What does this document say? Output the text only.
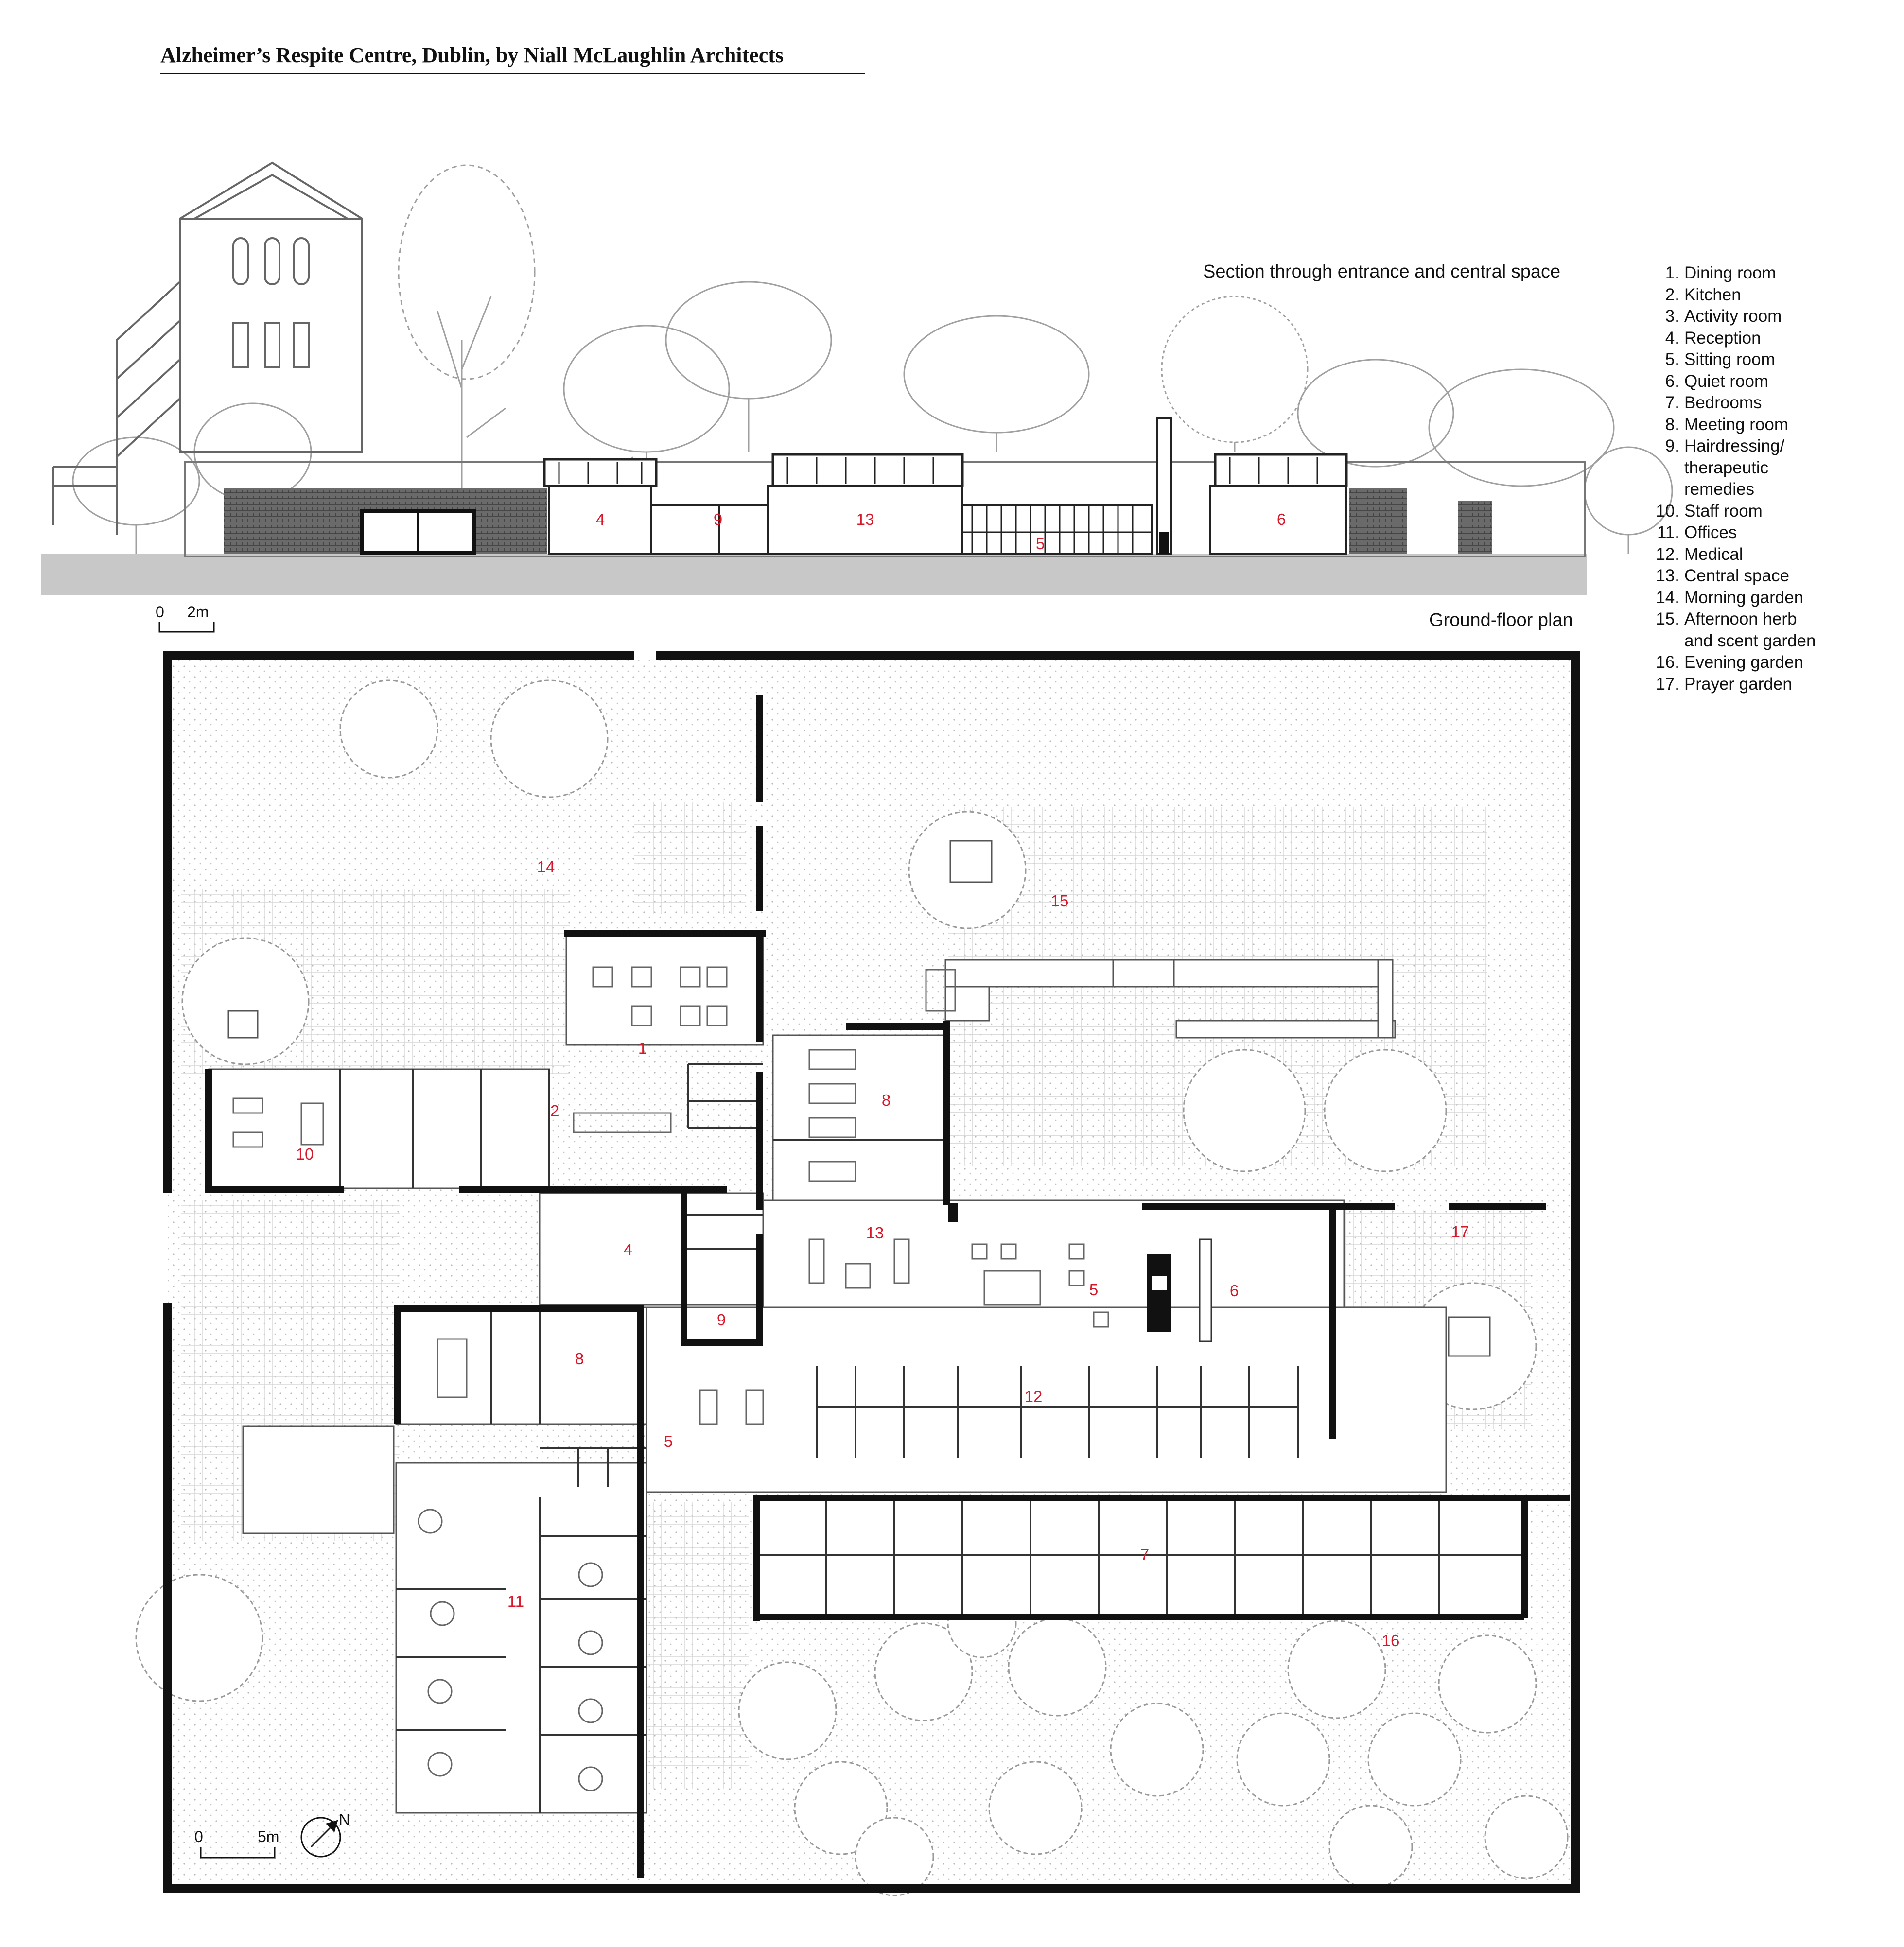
4	9	13
5
6
0 2m
14
15
1
2
10
8
13
4
5	6
17
9
8
12
5
7
11
16
0	5m
N
Alzheimer’s Respite Centre, Dublin, by Niall McLaughlin Architects
Section through entrance and central space
Ground-floor plan
1. Dining room
2. Kitchen
3. Activity room
4. Reception
5. Sitting room
6. Quiet room
7. Bedrooms
8. Meeting room
9. Hairdressing/
therapeutic
remedies
10. Staff room
11. Offices
12. Medical
13. Central space
14. Morning garden
15. Afternoon herb
and scent garden
16. Evening garden
17. Prayer garden
